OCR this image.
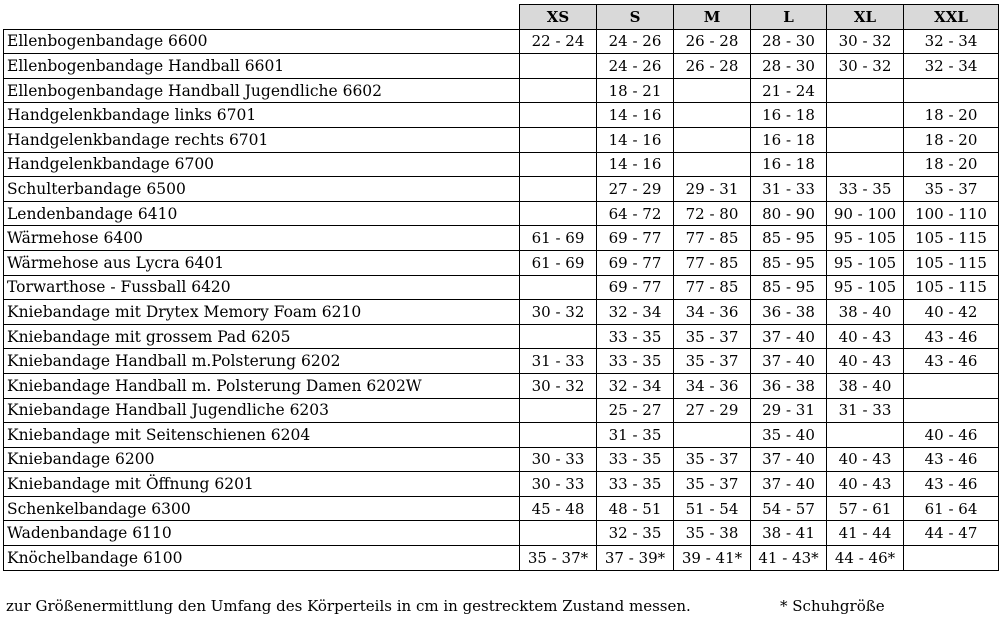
	XS	S	M	L	XL	XXL
Ellenbogenbandage 6600	22 - 24	24 - 26	26 - 28	28 - 30	30 - 32	32 - 34
Ellenbogenbandage Handball 6601		24 - 26	26 - 28	28 - 30	30 - 32	32 - 34
Ellenbogenbandage Handball Jugendliche 6602		18 - 21		21 - 24		
Handgelenkbandage links 6701		14 - 16		16 - 18		18 - 20
Handgelenkbandage rechts 6701		14 - 16		16 - 18		18 - 20
Handgelenkbandage 6700		14 - 16		16 - 18		18 - 20
Schulterbandage 6500		27 - 29	29 - 31	31 - 33	33 - 35	35 - 37
Lendenbandage 6410		64 - 72	72 - 80	80 - 90	90 - 100	100 - 110
Wärmehose 6400	61 - 69	69 - 77	77 - 85	85 - 95	95 - 105	105 - 115
Wärmehose aus Lycra 6401	61 - 69	69 - 77	77 - 85	85 - 95	95 - 105	105 - 115
Torwarthose - Fussball 6420		69 - 77	77 - 85	85 - 95	95 - 105	105 - 115
Kniebandage mit Drytex Memory Foam 6210	30 - 32	32 - 34	34 - 36	36 - 38	38 - 40	40 - 42
Kniebandage mit grossem Pad 6205		33 - 35	35 - 37	37 - 40	40 - 43	43 - 46
Kniebandage Handball m.Polsterung 6202	31 - 33	33 - 35	35 - 37	37 - 40	40 - 43	43 - 46
Kniebandage Handball m. Polsterung Damen 6202W	30 - 32	32 - 34	34 - 36	36 - 38	38 - 40	
Kniebandage Handball Jugendliche 6203		25 - 27	27 - 29	29 - 31	31 - 33	
Kniebandage mit Seitenschienen 6204		31 - 35		35 - 40		40 - 46
Kniebandage 6200	30 - 33	33 - 35	35 - 37	37 - 40	40 - 43	43 - 46
Kniebandage mit Öffnung 6201	30 - 33	33 - 35	35 - 37	37 - 40	40 - 43	43 - 46
Schenkelbandage 6300	45 - 48	48 - 51	51 - 54	54 - 57	57 - 61	61 - 64
Wadenbandage 6110		32 - 35	35 - 38	38 - 41	41 - 44	44 - 47
Knöchelbandage 6100	35 - 37*	37 - 39*	39 - 41*	41 - 43*	44 - 46*	
zur Größenermittlung den Umfang des Körperteils in cm in gestrecktem Zustand messen.	* Schuhgröße
